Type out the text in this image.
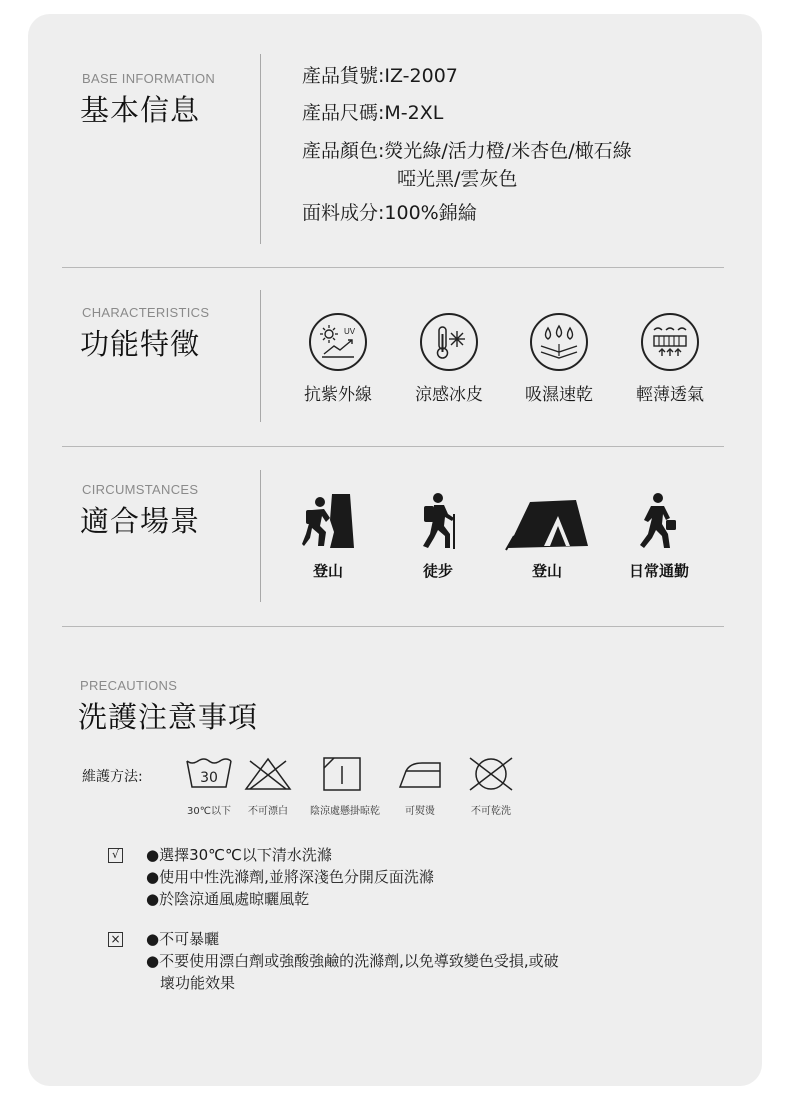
BASE INFORMATION
基本信息
產品貨號:IZ-2007
產品尺碼:M-2XL
產品顏色:熒光綠/活力橙/米杏色/橄石綠
啞光黑/雲灰色
面料成分:100%錦綸
CHARACTERISTICS
功能特徵	UV
抗紫外線	涼感冰皮	吸濕速乾	輕薄透氣
CIRCUMSTANCES
適合場景
登山	徒步	登山	日常通勤
PRECAUTIONS
洗護注意事項
維護方法:	30
30℃以下	不可漂白	陰涼處懸掛晾乾	可熨燙	不可乾洗
√ ●選擇30℃℃以下清水洗滌
●使用中性洗滌劑,並將深淺色分開反面洗滌
●於陰涼通風處晾曬風乾
× ●不可暴曬
●不要使用漂白劑或強酸強鹼的洗滌劑,以免導致變色受損,或破
壞功能效果
